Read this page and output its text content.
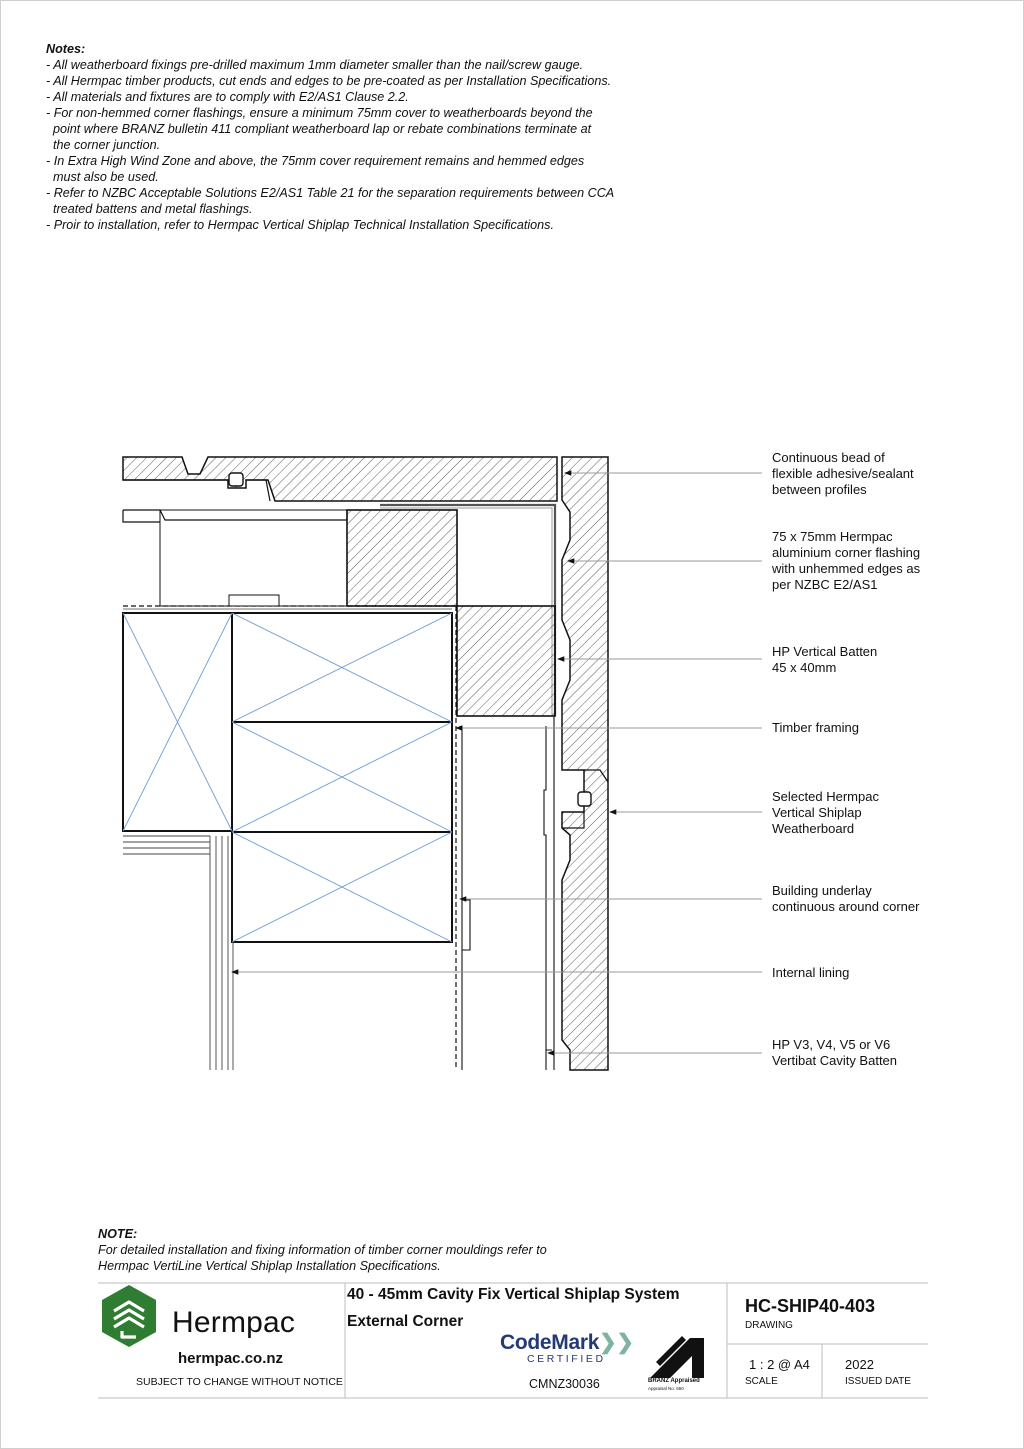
Notes:
- All weatherboard fixings pre-drilled maximum 1mm diameter smaller than the nail/screw gauge.
- All Hermpac timber products, cut ends and edges to be pre-coated as per Installation Specifications.
- All materials and fixtures are to comply with E2/AS1 Clause 2.2.
- For non-hemmed corner flashings, ensure a minimum 75mm cover to weatherboards beyond the
point where BRANZ bulletin 411 compliant weatherboard lap or rebate combinations terminate at
the corner junction.
- In Extra High Wind Zone and above, the 75mm cover requirement remains and hemmed edges
must also be used.
- Refer to NZBC Acceptable Solutions E2/AS1 Table 21 for the separation requirements between CCA
treated battens and metal flashings.
- Proir to installation, refer to Hermpac Vertical Shiplap Technical Installation Specifications.
Continuous bead of
flexible adhesive/sealant
between profiles
75 x 75mm Hermpac
aluminium corner flashing
with unhemmed edges as
per NZBC E2/AS1
HP Vertical Batten
45 x 40mm
Timber framing
Selected Hermpac
Vertical Shiplap
Weatherboard
Building underlay
continuous around corner
Internal lining
HP V3, V4, V5 or V6
Vertibat Cavity Batten
NOTE:
For detailed installation and fixing information of timber corner mouldings refer to
Hermpac VertiLine Vertical Shiplap Installation Specifications.
Hermpac
hermpac.co.nz
SUBJECT TO CHANGE WITHOUT NOTICE
40 - 45mm Cavity Fix Vertical Shiplap System
External Corner
CodeMark❯❯
CERTIFIED
CMNZ30036	BRANZ Appraised
Appraisal No. 650
HC-SHIP40-403
DRAWING
1 : 2 @ A4
SCALE
2022
ISSUED DATE
